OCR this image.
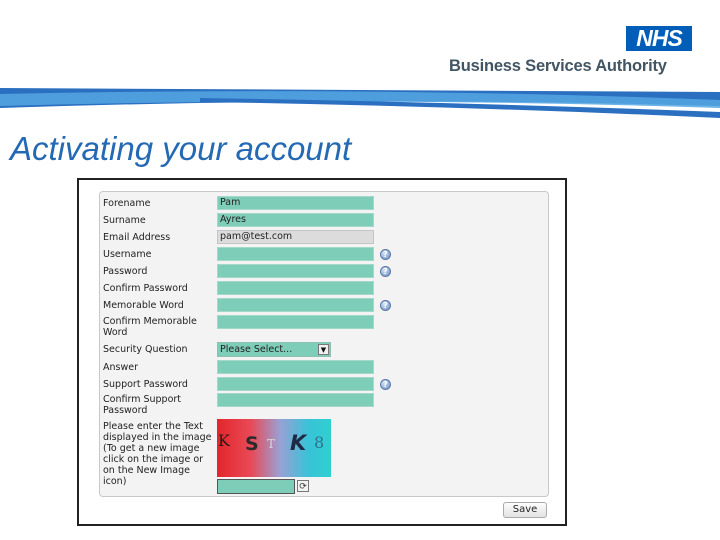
NHS
Business Services Authority
Activating your account
Forename	Pam
Surname	Ayres
Email Address	pam@test.com
Username	?
Password	?
Confirm Password
Memorable Word	?
Confirm Memorable Word
Security Question	Please Select...	▼
Answer
Support Password	?
Confirm Support Password
Please enter the Text displayed in the image (To get a new image click on the image or on the New Image icon)
K S T K 8
⟳
Save
